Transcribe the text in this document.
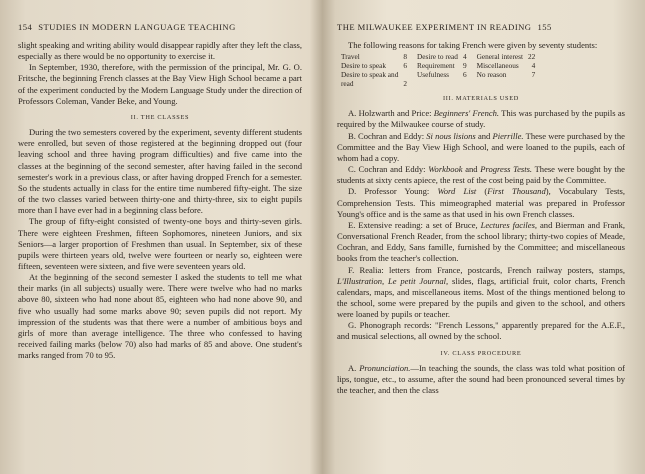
154 STUDIES IN MODERN LANGUAGE TEACHING

slight speaking and writing ability would disappear rapidly after they left the class, especially as there would be no opportunity to exercise it.

In September, 1930, therefore, with the permission of the principal, Mr. G. O. Fritsche, the beginning French classes at the Bay View High School became a part of the experiment conducted by the Modern Language Study under the direction of Professors Coleman, Vander Beke, and Young.

II. THE CLASSES

During the two semesters covered by the experiment, seventy different students were enrolled, but seven of those registered at the beginning dropped out (four leaving school and three having program difficulties) and five came into the classes at the beginning of the second semester, after having failed in the second semester's work in a previous class, or after having dropped French for a semester. So the students actually in class for the entire time numbered fifty-eight. The size of the two classes varied between thirty-one and thirty-three, six to eight pupils more than I have ever had in a beginning class before.

The group of fifty-eight consisted of twenty-one boys and thirty-seven girls. There were eighteen Freshmen, fifteen Sophomores, nineteen Juniors, and six Seniors—a larger proportion of Freshmen than usual. In September, six of these pupils were thirteen years old, twelve were fourteen or nearly so, eighteen were fifteen, seventeen were sixteen, and five were seventeen years old.

At the beginning of the second semester I asked the students to tell me what their marks (in all subjects) usually were. There were twelve who had no marks above 80, sixteen who had none about 85, eighteen who had none above 90, and five who usually had some marks above 90; seven pupils did not report. My impression of the students was that there were a number of ambitious boys and girls of more than average intelligence. The three who confessed to having received failing marks (below 70) also had marks of 85 and above. One student's marks ranged from 70 to 95.

THE MILWAUKEE EXPERIMENT IN READING 155

The following reasons for taking French were given by seventy students:

Travel	8	Desire to read	4	General interest	22
Desire to speak	6	Requirement	9	Miscellaneous	4
Desire to speak and		Usefulness	6	No reason	7
read	2				
III. MATERIALS USED

A. Holzwarth and Price: Beginners' French. This was purchased by the pupils as required by the Milwaukee course of study.

B. Cochran and Eddy: Si nous lisions and Pierrille. These were purchased by the Committee and the Bay View High School, and were loaned to the pupils, each of whom had a copy.

C. Cochran and Eddy: Workbook and Progress Tests. These were bought by the students at sixty cents apiece, the rest of the cost being paid by the Committee.

D. Professor Young: Word List (First Thousand), Vocabulary Tests, Comprehension Tests. This mimeographed material was prepared in Professor Young's office and is the same as that used in his own French classes.

E. Extensive reading: a set of Bruce, Lectures faciles, and Bierman and Frank, Conversational French Reader, from the school library; thirty-two copies of Meade, Cochran, and Eddy, Sans famille, furnished by the Committee; and miscellaneous books from the teacher's collection.

F. Realia: letters from France, postcards, French railway posters, stamps, L'Illustration, Le petit Journal, slides, flags, artificial fruit, color charts, French calendars, maps, and miscellaneous items. Most of the things mentioned belong to the school, some were prepared by the pupils and given to the school, and others were loaned by pupils or teacher.

G. Phonograph records: "French Lessons," apparently prepared for the A.E.F., and musical selections, all owned by the school.

IV. CLASS PROCEDURE

A. Pronunciation.—In teaching the sounds, the class was told what position of lips, tongue, etc., to assume, after the sound had been pronounced several times by the teacher, and then the class
